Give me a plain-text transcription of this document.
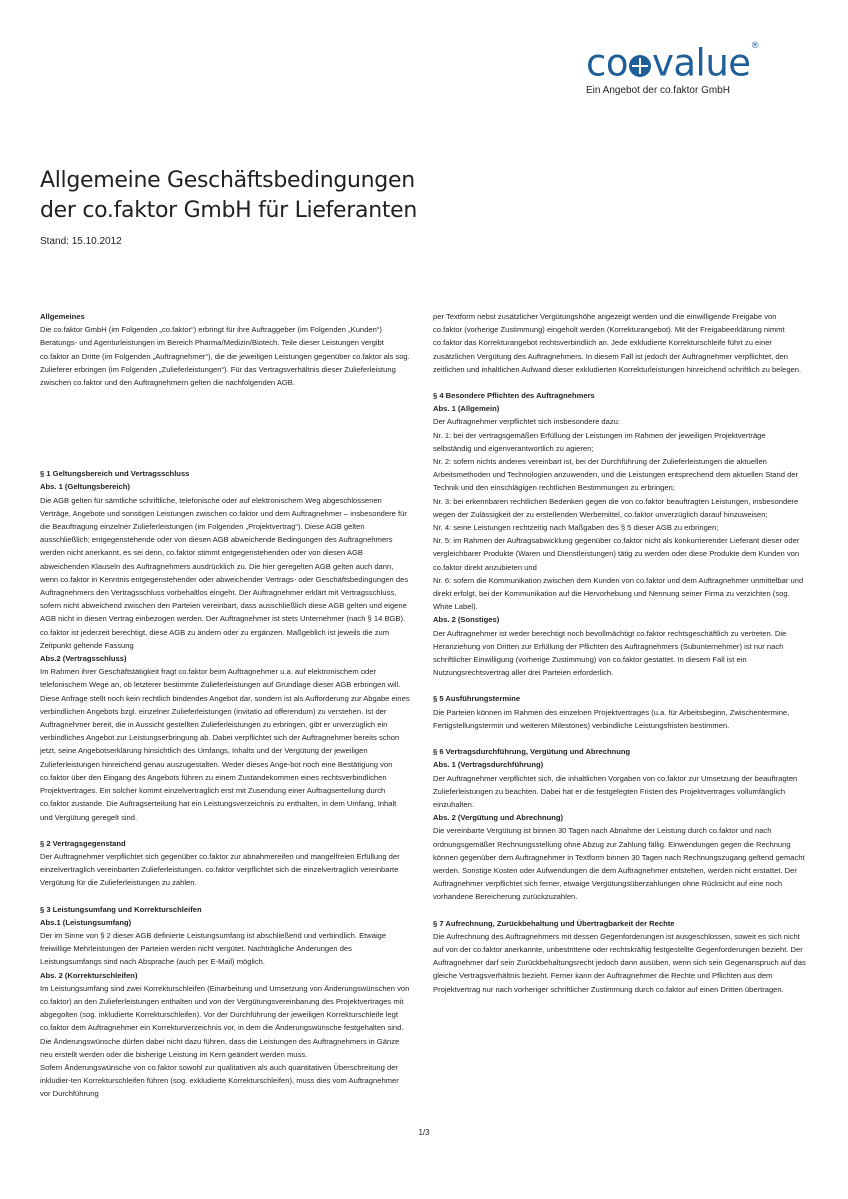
co value®
Ein Angebot der co.faktor GmbH
Allgemeine Geschäftsbedingungen
der co.faktor GmbH für Lieferanten
Stand: 15.10.2012

Allgemeines

Die co.faktor GmbH (im Folgenden „co.faktor“) erbringt für ihre Auftraggeber (im Folgenden „Kunden“) Beratungs- und Agenturleistungen im Bereich Pharma/Medizin/Biotech. Teile dieser Leistungen vergibt co.faktor an Dritte (im Folgenden „Auftragnehmer“), die die jeweiligen Leistungen gegenüber co.faktor als sog. Zulieferer erbringen (im Folgenden „Zulieferleistungen“). Für das Vertragsverhältnis dieser Zulieferleistung zwischen co.faktor und den Auftragnehmern gelten die nachfolgenden AGB.

§ 1 Geltungsbereich und Vertragsschluss

Abs. 1 (Geltungsbereich)

Die AGB gelten für sämtliche schriftliche, telefonische oder auf elektronischem Weg abgeschlossenen Verträge, Angebote und sonstigen Leistungen zwischen co.faktor und dem Auftragnehmer – insbesondere für die Beauftragung einzelner Zulieferleistungen (im Folgenden „Projektvertrag“). Diese AGB gelten ausschließlich; entgegenstehende oder von diesen AGB abweichende Bedingungen des Auftragnehmers werden nicht anerkannt, es sei denn, co.faktor stimmt entgegenstehenden oder von diesen AGB abweichenden Klauseln des Auftragnehmers ausdrücklich zu. Die hier geregelten AGB gelten auch dann, wenn co.faktor in Kenntnis entgegenstehender oder abweichender Vertrags- oder Geschäftsbedingungen des Auftragnehmers den Vertragsschluss vorbehaltlos eingeht. Der Auftragnehmer erklärt mit Vertragsschluss, sofern nicht abweichend zwischen den Parteien vereinbart, dass ausschließlich diese AGB gelten und eigene AGB nicht in diesen Vertrag einbezogen werden. Der Auftragnehmer ist stets Unternehmer (nach § 14 BGB). co.faktor ist jederzeit berechtigt, diese AGB zu ändern oder zu ergänzen. Maßgeblich ist jeweils die zum Zeitpunkt geltende Fassung

Abs.2 (Vertragsschluss)

Im Rahmen ihrer Geschäftstätigkeit fragt co.faktor beim Auftragnehmer u.a. auf elektronischem oder telefonischem Wege an, ob letzterer bestimmte Zulieferleistungen auf Grundlage dieser AGB erbringen will. Diese Anfrage stellt noch kein rechtlich bindendes Angebot dar, sondern ist als Aufforderung zur Abgabe eines verbindlichen Angebots bzgl. einzelner Zulieferleistungen (invitatio ad offerendum) zu verstehen. Ist der Auftragnehmer bereit, die in Aussicht gestellten Zulieferleistungen zu erbringen, gibt er unverzüglich ein verbindliches Angebot zur Leistungserbringung ab. Dabei verpflichtet sich der Auftragnehmer bereits schon jetzt, seine Angebotserklärung hinsichtlich des Umfangs, Inhalts und der Vergütung der jeweiligen Zulieferleistungen hinreichend genau auszugestalten. Weder dieses Ange-bot noch eine Bestätigung von co.faktor über den Eingang des Angebots führen zu einem Zustandekommen eines rechtsverbindlichen Projektvertrages. Ein solcher kommt einzelvertraglich erst mit Zusendung einer Auftragserteilung durch co.faktor zustande. Die Auftragserteilung hat ein Leistungsverzeichnis zu enthalten, in dem Umfang, Inhalt und Vergütung geregelt sind.

§ 2 Vertragsgegenstand

Der Auftragnehmer verpflichtet sich gegenüber co.faktor zur abnahmereifen und mangelfreien Erfüllung der einzelvertraglich vereinbarten Zulieferleistungen. co.faktor verpflichtet sich die einzelvertraglich vereinbarte Vergütung für die Zulieferleistungen zu zahlen.

§ 3 Leistungsumfang und Korrekturschleifen

Abs.1 (Leistungsumfang)

Der im Sinne von § 2 dieser AGB definierte Leistungsumfang ist abschließend und verbindlich. Etwaige freiwillige Mehrleistungen der Parteien werden nicht vergütet. Nachträgliche Änderungen des Leistungsumfangs sind nach Absprache (auch per E-Mail) möglich.

Abs. 2 (Korrekturschleifen)

Im Leistungsumfang sind zwei Korrekturschleifen (Einarbeitung und Umsetzung von Änderungswünschen von co.faktor) an den Zulieferleistungen enthalten und von der Vergütungsvereinbarung des Projektvertrages mit abgegolten (sog. inkludierte Korrekturschleifen). Vor der Durchführung der jeweiligen Korrekturschleife legt co.faktor dem Auftragnehmer ein Korrekturverzeichnis vor, in dem die Änderungswünsche festgehalten sind. Die Änderungswünsche dürfen dabei nicht dazu führen, dass die Leistungen des Auftragnehmers in Gänze neu erstellt werden oder die bisherige Leistung im Kern geändert werden muss.

Sofern Änderungswünsche von co.faktor sowohl zur qualitativen als auch quantitativen Überschreitung der inkludier-ten Korrekturschleifen führen (sog. exkludierte Korrekturschleifen), muss dies vom Auftragnehmer vor Durchführung

per Textform nebst zusätzlicher Vergütungshöhe angezeigt werden und die einwilligende Freigabe von co.faktor (vorherige Zustimmung) eingeholt werden (Korrekturangebot). Mit der Freigabeerklärung nimmt co.faktor das Korrekturangebot rechtsverbindlich an. Jede exkludierte Korrekturschleife führt zu einer zusätzlichen Vergütung des Auftragnehmers. In diesem Fall ist jedoch der Auftragnehmer verpflichtet, den zeitlichen und inhaltlichen Aufwand dieser exkludierten Korrekturleistungen hinreichend schriftlich zu belegen.

§ 4 Besondere Pflichten des Auftragnehmers

Abs. 1 (Allgemein)

Der Auftragnehmer verpflichtet sich insbesondere dazu:

Nr. 1: bei der vertragsgemäßen Erfüllung der Leistungen im Rahmen der jeweiligen Projektverträge selbständig und eigenverantwortlich zu agieren;

Nr. 2: sofern nichts anderes vereinbart ist, bei der Durchführung der Zulieferleistungen die aktuellen Arbeitsmethoden und Technologien anzuwenden, und die Leistungen entsprechend dem aktuellen Stand der Technik und den einschlägigen rechtlichen Bestimmungen zu erbringen;

Nr. 3: bei erkennbaren rechtlichen Bedenken gegen die von co.faktor beauftragten Leistungen, insbesondere wegen der Zulässigkeit der zu erstellenden Werbemittel, co.faktor unverzüglich darauf hinzuweisen;

Nr. 4: seine Leistungen rechtzeitig nach Maßgaben des § 5 dieser AGB zu erbringen;

Nr. 5: im Rahmen der Auftragsabwicklung gegenüber co.faktor nicht als konkurrierender Lieferant dieser oder vergleichbarer Produkte (Waren und Dienstleistungen) tätig zu werden oder diese Produkte dem Kunden von co.faktor direkt anzubieten und

Nr. 6: sofern die Kommunikation zwischen dem Kunden von co.faktor und dem Auftragnehmer unmittelbar und direkt erfolgt, bei der Kommunikation auf die Hervorhebung und Nennung seiner Firma zu verzichten (sog. White Label).

Abs. 2 (Sonstiges)

Der Auftragnehmer ist weder berechtigt noch bevollmächtigt co.faktor rechtsgeschäftlich zu vertreten. Die Heranziehung von Dritten zur Erfüllung der Pflichten des Auftragnehmers (Subunternehmer) ist nur nach schriftlicher Einwilligung (vorherige Zustimmung) von co.faktor gestattet. In diesem Fall ist ein Nutzungsrechtsvertrag aller drei Parteien erforderlich.

§ 5 Ausführungstermine

Die Parteien können im Rahmen des einzelnen Projektvertrages (u.a. für Arbeitsbeginn, Zwischentermine, Fertigstellungstermin und weiteren Milestones) verbindliche Leistungsfristen bestimmen.

§ 6 Vertragsdurchführung, Vergütung und Abrechnung

Abs. 1 (Vertragsdurchführung)

Der Auftragnehmer verpflichtet sich, die inhaltlichen Vorgaben von co.faktor zur Umsetzung der beauftragten Zulieferleistungen zu beachten. Dabei hat er die festgelegten Fristen des Projektvertrages vollumfänglich einzuhalten.

Abs. 2 (Vergütung und Abrechnung)

Die vereinbarte Vergütung ist binnen 30 Tagen nach Abnahme der Leistung durch co.faktor und nach ordnungsgemäßer Rechnungsstellung ohne Abzug zur Zahlung fällig. Einwendungen gegen die Rechnung können gegenüber dem Auftragnehmer in Textform binnen 30 Tagen nach Rechnungszugang geltend gemacht werden. Sonstige Kosten oder Aufwendungen die dem Auftragnehmer entstehen, werden nicht erstattet. Der Auftragnehmer verpflichtet sich ferner, etwaige Vergütungsüberzahlungen ohne Rücksicht auf eine noch vorhandene Bereicherung zurückzuzahlen.

§ 7 Aufrechnung, Zurückbehaltung und Übertragbarkeit der Rechte

Die Aufrechnung des Auftragnehmers mit dessen Gegenforderungen ist ausgeschlossen, soweit es sich nicht auf von der co.faktor anerkannte, unbestrittene oder rechtskräftig festgestellte Gegenforderungen bezieht. Der Auftragnehmer darf sein Zurückbehaltungsrecht jedoch dann ausüben, wenn sich sein Gegenanspruch auf das gleiche Vertragsverhältnis bezieht. Ferner kann der Auftragnehmer die Rechte und Pflichten aus dem Projektvertrag nur nach vorheriger schriftlicher Zustimmung durch co.faktor auf einen Dritten übertragen.

1/3
